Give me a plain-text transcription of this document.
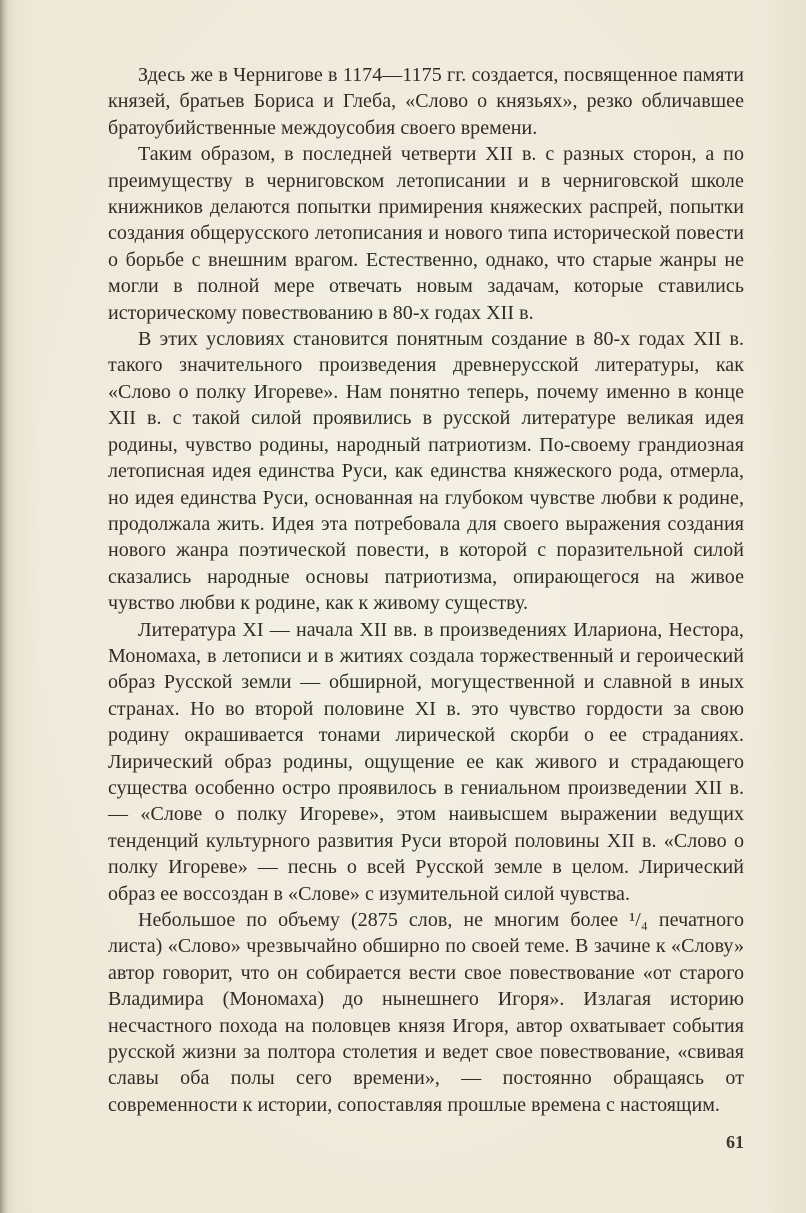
Здесь же в Чернигове в 1174—1175 гг. создается, посвященное памяти князей, братьев Бориса и Глеба, «Слово о князьях», резко обличавшее братоубийственные междоусобия своего времени.

Таким образом, в последней четверти XII в. с разных сторон, а по преимуществу в черниговском летописании и в черниговской школе книжников делаются попытки примирения княжеских распрей, попытки создания общерусского летописания и нового типа исторической повести о борьбе с внешним врагом. Естественно, однако, что старые жанры не могли в полной мере отвечать новым задачам, которые ставились историческому повествованию в 80-х годах XII в.

В этих условиях становится понятным создание в 80-х годах XII в. такого значительного произведения древнерусской литературы, как «Слово о полку Игореве». Нам понятно теперь, почему именно в конце XII в. с такой силой проявились в русской литературе великая идея родины, чувство родины, народный патриотизм. По-своему грандиозная летописная идея единства Руси, как единства княжеского рода, отмерла, но идея единства Руси, основанная на глубоком чувстве любви к родине, продолжала жить. Идея эта потребовала для своего выражения создания нового жанра поэтической повести, в которой с поразительной силой сказались народные основы патриотизма, опирающегося на живое чувство любви к родине, как к живому существу.

Литература XI — начала XII вв. в произведениях Илариона, Нестора, Мономаха, в летописи и в житиях создала торжественный и героический образ Русской земли — обширной, могущественной и славной в иных странах. Но во второй половине XI в. это чувство гордости за свою родину окрашивается тонами лирической скорби о ее страданиях. Лирический образ родины, ощущение ее как живого и страдающего существа особенно остро проявилось в гениальном произведении XII в. — «Слове о полку Игореве», этом наивысшем выражении ведущих тенденций культурного развития Руси второй половины XII в. «Слово о полку Игореве» — песнь о всей Русской земле в целом. Лирический образ ее воссоздан в «Слове» с изумительной силой чувства.

Небольшое по объему (2875 слов, не многим более ¹/₄ печатного листа) «Слово» чрезвычайно обширно по своей теме. В зачине к «Слову» автор говорит, что он собирается вести свое повествование «от старого Владимира (Мономаха) до нынешнего Игоря». Излагая историю несчастного похода на половцев князя Игоря, автор охватывает события русской жизни за полтора столетия и ведет свое повествование, «свивая славы оба полы сего времени», — постоянно обращаясь от современности к истории, сопоставляя прошлые времена с настоящим.

61
